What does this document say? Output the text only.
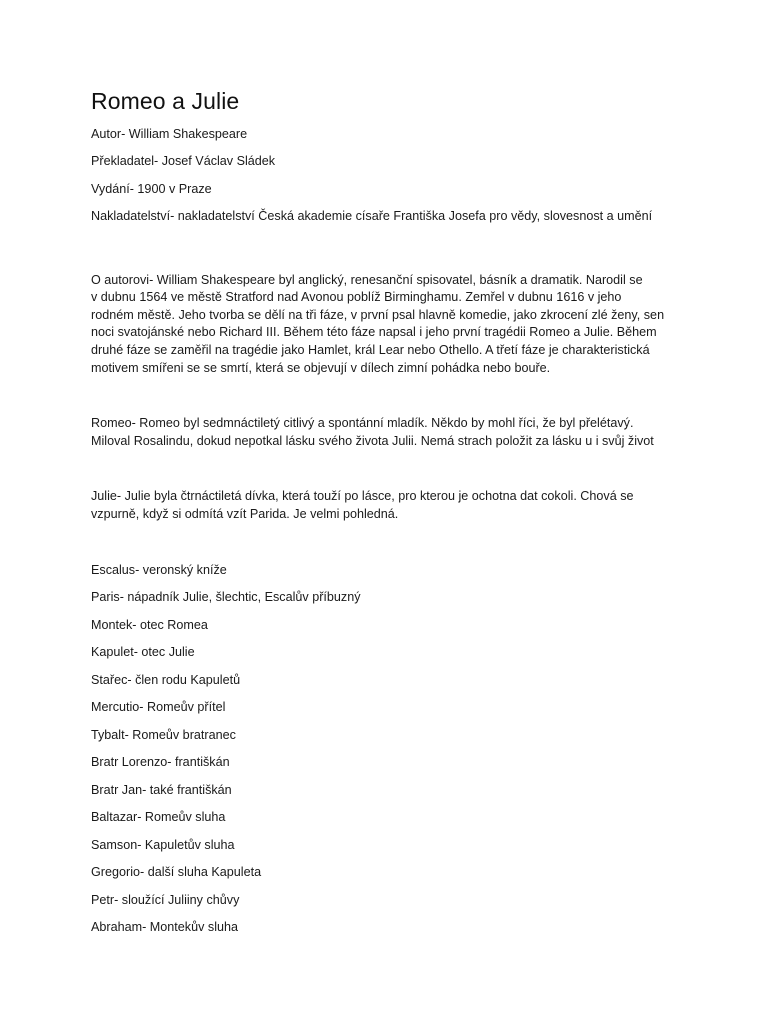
Romeo a Julie

Autor- William Shakespeare

Překladatel- Josef Václav Sládek

Vydání- 1900 v Praze

Nakladatelství- nakladatelství Česká akademie císaře Františka Josefa pro vědy, slovesnost a umění

O autorovi- William Shakespeare byl anglický, renesanční spisovatel, básník a dramatik. Narodil se
v dubnu 1564 ve městě Stratford nad Avonou poblíž Birminghamu. Zemřel v dubnu 1616 v jeho
rodném městě. Jeho tvorba se dělí na tři fáze, v první psal hlavně komedie, jako zkrocení zlé ženy, sen
noci svatojánské nebo Richard III. Během této fáze napsal i jeho první tragédii Romeo a Julie. Během
druhé fáze se zaměřil na tragédie jako Hamlet, král Lear nebo Othello. A třetí fáze je charakteristická
motivem smířeni se se smrtí, která se objevují v dílech zimní pohádka nebo bouře.

Romeo- Romeo byl sedmnáctiletý citlivý a spontánní mladík. Někdo by mohl říci, že byl přelétavý.
Miloval Rosalindu, dokud nepotkal lásku svého života Julii. Nemá strach položit za lásku u i svůj život

Julie- Julie byla čtrnáctiletá dívka, která touží po lásce, pro kterou je ochotna dat cokoli. Chová se
vzpurně, když si odmítá vzít Parida. Je velmi pohledná.

Escalus- veronský kníže

Paris- nápadník Julie, šlechtic, Escalův příbuzný

Montek- otec Romea

Kapulet- otec Julie

Stařec- člen rodu Kapuletů

Mercutio- Romeův přítel

Tybalt- Romeův bratranec

Bratr Lorenzo- františkán

Bratr Jan- také františkán

Baltazar- Romeův sluha

Samson- Kapuletův sluha

Gregorio- další sluha Kapuleta

Petr- sloužící Juliiny chůvy

Abraham- Montekův sluha
